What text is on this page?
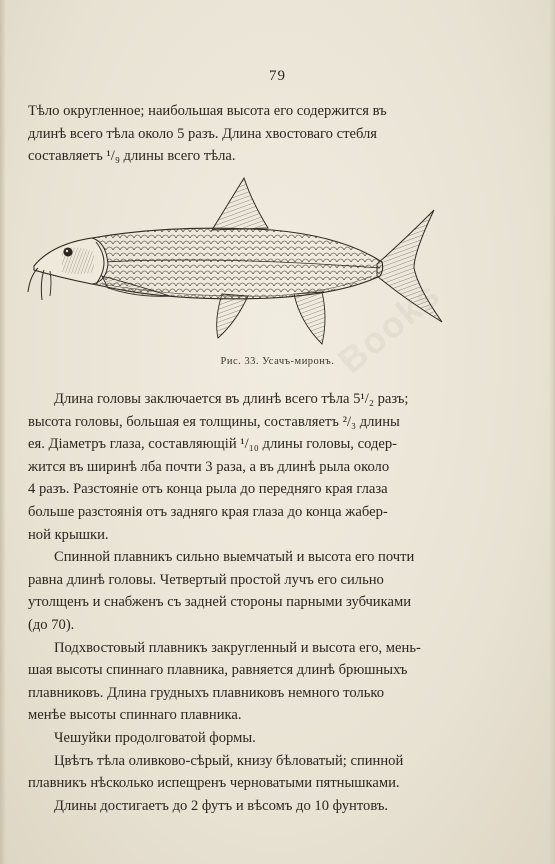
79

Тѣло округленное; наибольшая высота его содержится въ
длинѣ всего тѣла около 5 разъ. Длина хвостоваго стебля
составляетъ ¹/₉ длины всего тѣла.

Рис. 33. Усачъ-миронъ.

Длина головы заключается въ длинѣ всего тѣла 5¹/₂ разъ;
высота головы, большая ея толщины, составляетъ ²/₃ длины
ея. Діаметръ глаза, составляющій ¹/₁₀ длины головы, содер-
жится въ ширинѣ лба почти 3 раза, а въ длинѣ рыла около
4 разъ. Разстояніе отъ конца рыла до передняго края глаза
больше разстоянія отъ задняго края глаза до конца жабер-
ной крышки.

Спинной плавникъ сильно выемчатый и высота его почти
равна длинѣ головы. Четвертый простой лучъ его сильно
утолщенъ и снабженъ съ задней стороны парными зубчиками
(до 70).

Подхвостовый плавникъ закругленный и высота его, мень-
шая высоты спиннаго плавника, равняется длинѣ брюшныхъ
плавниковъ. Длина грудныхъ плавниковъ немного только
менѣе высоты спиннаго плавника.

Чешуйки продолговатой формы.

Цвѣтъ тѣла оливково-сѣрый, книзу бѣловатый; спинной
плавникъ нѣсколько испещренъ черноватыми пятнышками.

Длины достигаетъ до 2 футъ и вѣсомъ до 10 фунтовъ.

Books
